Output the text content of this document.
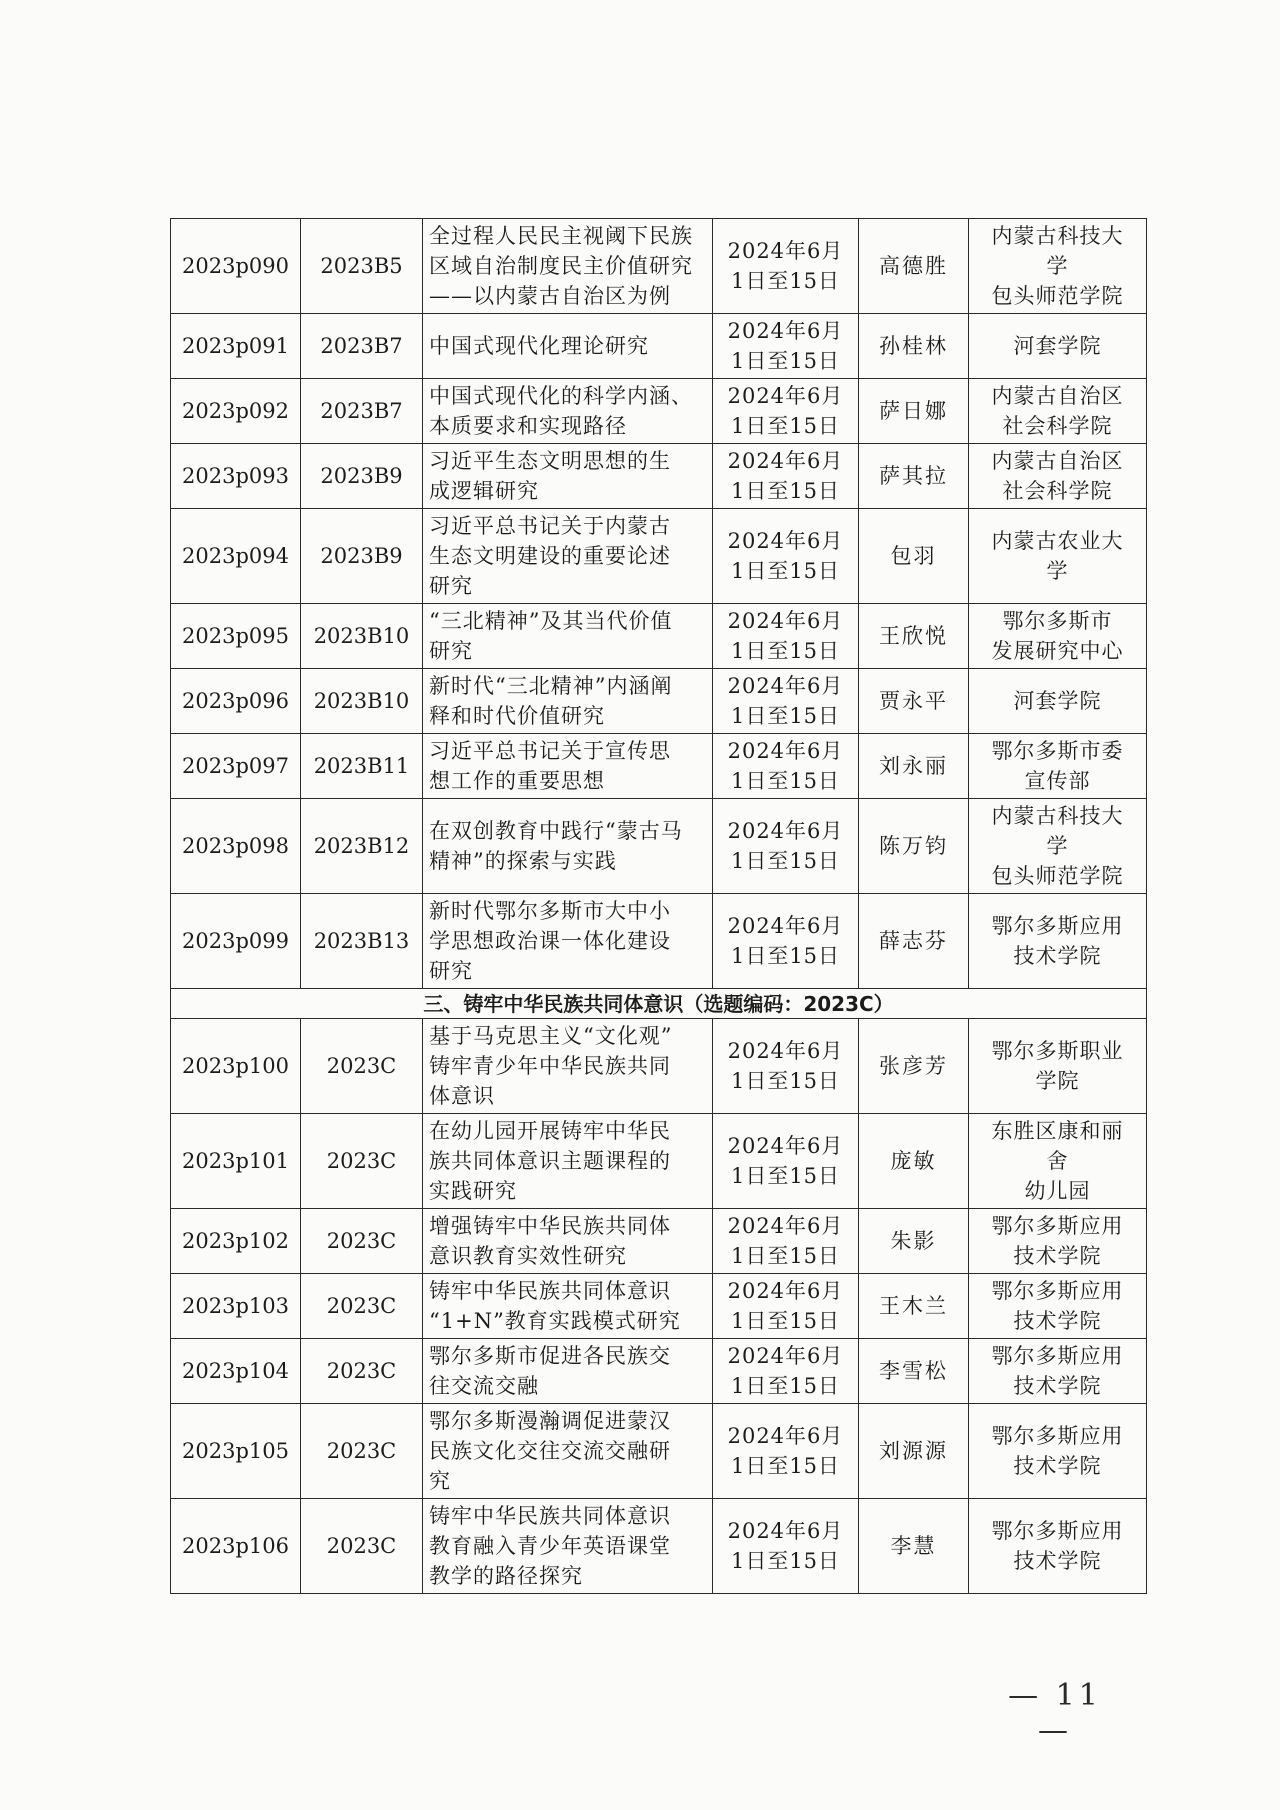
2023p090	2023B5	全过程人民民主视阈下民族
区域自治制度民主价值研究
——以内蒙古自治区为例	2024年6月
1日至15日	高德胜	内蒙古科技大
学
包头师范学院

2023p091	2023B7	中国式现代化理论研究	2024年6月
1日至15日	孙桂林	河套学院

2023p092	2023B7	中国式现代化的科学内涵、
本质要求和实现路径	2024年6月
1日至15日	萨日娜	内蒙古自治区
社会科学院

2023p093	2023B9	习近平生态文明思想的生
成逻辑研究	2024年6月
1日至15日	萨其拉	内蒙古自治区
社会科学院

2023p094	2023B9	习近平总书记关于内蒙古
生态文明建设的重要论述
研究	2024年6月
1日至15日	包羽	内蒙古农业大
学

2023p095	2023B10	“三北精神”及其当代价值
研究	2024年6月
1日至15日	王欣悦	鄂尔多斯市
发展研究中心

2023p096	2023B10	新时代“三北精神”内涵阐
释和时代价值研究	2024年6月
1日至15日	贾永平	河套学院

2023p097	2023B11	习近平总书记关于宣传思
想工作的重要思想	2024年6月
1日至15日	刘永丽	鄂尔多斯市委
宣传部

2023p098	2023B12	在双创教育中践行“蒙古马
精神”的探索与实践	2024年6月
1日至15日	陈万钧	内蒙古科技大
学
包头师范学院

2023p099	2023B13	新时代鄂尔多斯市大中小
学思想政治课一体化建设
研究	2024年6月
1日至15日	薛志芬	鄂尔多斯应用
技术学院

三、铸牢中华民族共同体意识（选题编码：2023C）					
2023p100	2023C	基于马克思主义“文化观”
铸牢青少年中华民族共同
体意识	2024年6月
1日至15日	张彦芳	鄂尔多斯职业
学院

2023p101	2023C	在幼儿园开展铸牢中华民
族共同体意识主题课程的
实践研究	2024年6月
1日至15日	庞敏	东胜区康和丽
舍
幼儿园

2023p102	2023C	增强铸牢中华民族共同体
意识教育实效性研究	2024年6月
1日至15日	朱影	鄂尔多斯应用
技术学院

2023p103	2023C	铸牢中华民族共同体意识
“1+N”教育实践模式研究	2024年6月
1日至15日	王木兰	鄂尔多斯应用
技术学院

2023p104	2023C	鄂尔多斯市促进各民族交
往交流交融	2024年6月
1日至15日	李雪松	鄂尔多斯应用
技术学院

2023p105	2023C	鄂尔多斯漫瀚调促进蒙汉
民族文化交往交流交融研
究	2024年6月
1日至15日	刘源源	鄂尔多斯应用
技术学院

2023p106	2023C	铸牢中华民族共同体意识
教育融入青少年英语课堂
教学的路径探究	2024年6月
1日至15日	李慧	鄂尔多斯应用
技术学院
— 11 —
